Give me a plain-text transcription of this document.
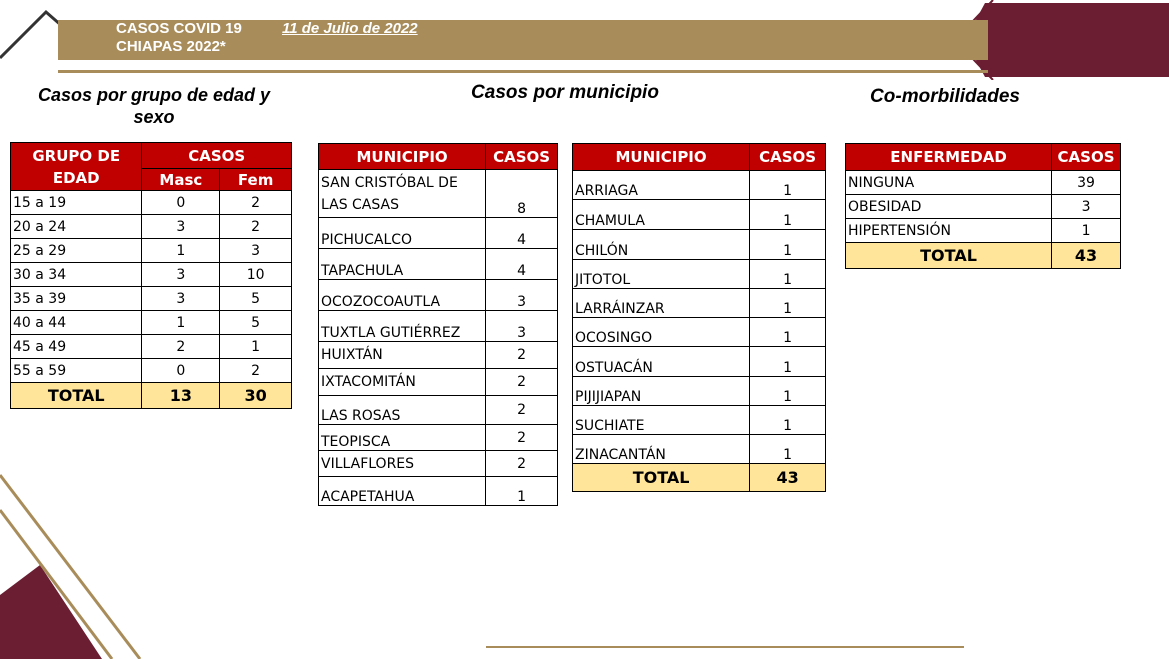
CASOS COVID 19
CHIAPAS 2022*
11 de Julio de 2022
Casos por grupo de edad y sexo
Casos por municipio	Co-morbilidades
GRUPO DE EDAD	CASOS	
	Masc	Fem
15 a 19	0	2
20 a 24	3	2
25 a 29	1	3
30 a 34	3	10
35 a 39	3	5
40 a 44	1	5
45 a 49	2	1
55 a 59	0	2
TOTAL	13	30
MUNICIPIO	CASOS
SAN CRISTÓBAL DE LAS CASAS	8
PICHUCALCO	4
TAPACHULA	4
OCOZOCOAUTLA	3
TUXTLA GUTIÉRREZ	3
HUIXTÁN	2
IXTACOMITÁN	2
LAS ROSAS	2
TEOPISCA	2
VILLAFLORES	2
ACAPETAHUA	1
MUNICIPIO	CASOS
ARRIAGA	1
CHAMULA	1
CHILÓN	1
JITOTOL	1
LARRÁINZAR	1
OCOSINGO	1
OSTUACÁN	1
PIJIJIAPAN	1
SUCHIATE	1
ZINACANTÁN	1
TOTAL	43
ENFERMEDAD	CASOS
NINGUNA	39
OBESIDAD	3
HIPERTENSIÓN	1
TOTAL	43
